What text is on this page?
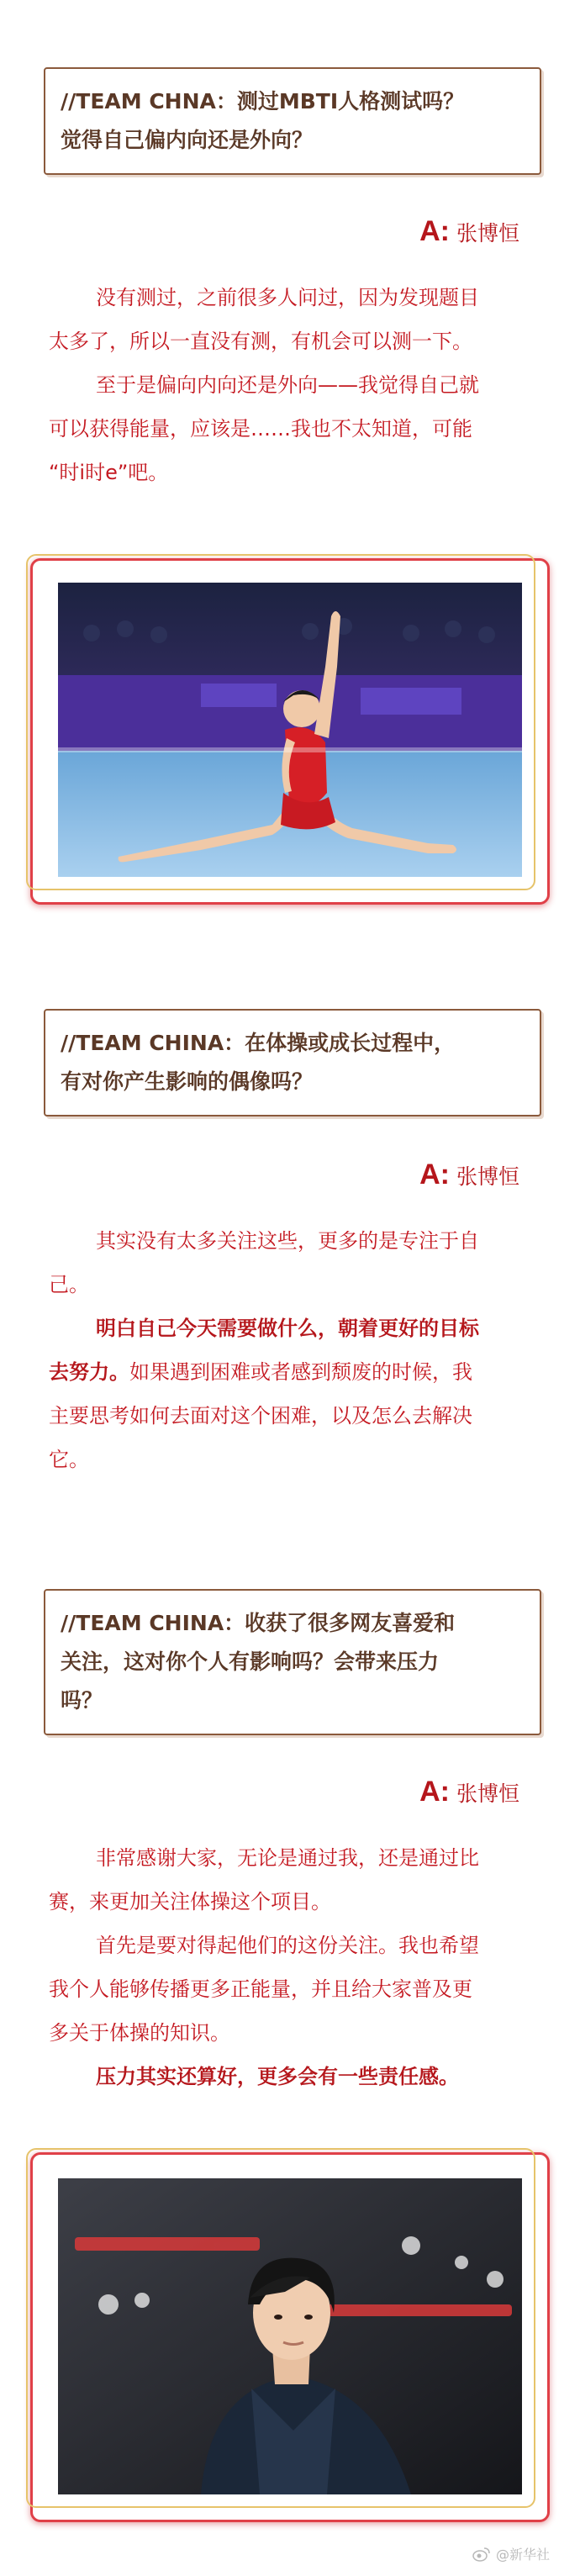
//TEAM CHNA：测过MBTI人格测试吗？
觉得自己偏内向还是外向？
A: 张博恒

没有测过，之前很多人问过，因为发现题目
太多了，所以一直没有测，有机会可以测一下。

至于是偏向内向还是外向——我觉得自己就
可以获得能量，应该是……我也不太知道，可能
“时i时e”吧。

//TEAM CHINA：在体操或成长过程中，
有对你产生影响的偶像吗？
A: 张博恒

其实没有太多关注这些，更多的是专注于自
己。

明白自己今天需要做什么，朝着更好的目标
去努力。如果遇到困难或者感到颓废的时候，我
主要思考如何去面对这个困难，以及怎么去解决
它。

//TEAM CHINA：收获了很多网友喜爱和
关注，这对你个人有影响吗？会带来压力
吗？
A: 张博恒

非常感谢大家，无论是通过我，还是通过比
赛，来更加关注体操这个项目。

首先是要对得起他们的这份关注。我也希望
我个人能够传播更多正能量，并且给大家普及更
多关于体操的知识。

压力其实还算好，更多会有一些责任感。

@新华社
